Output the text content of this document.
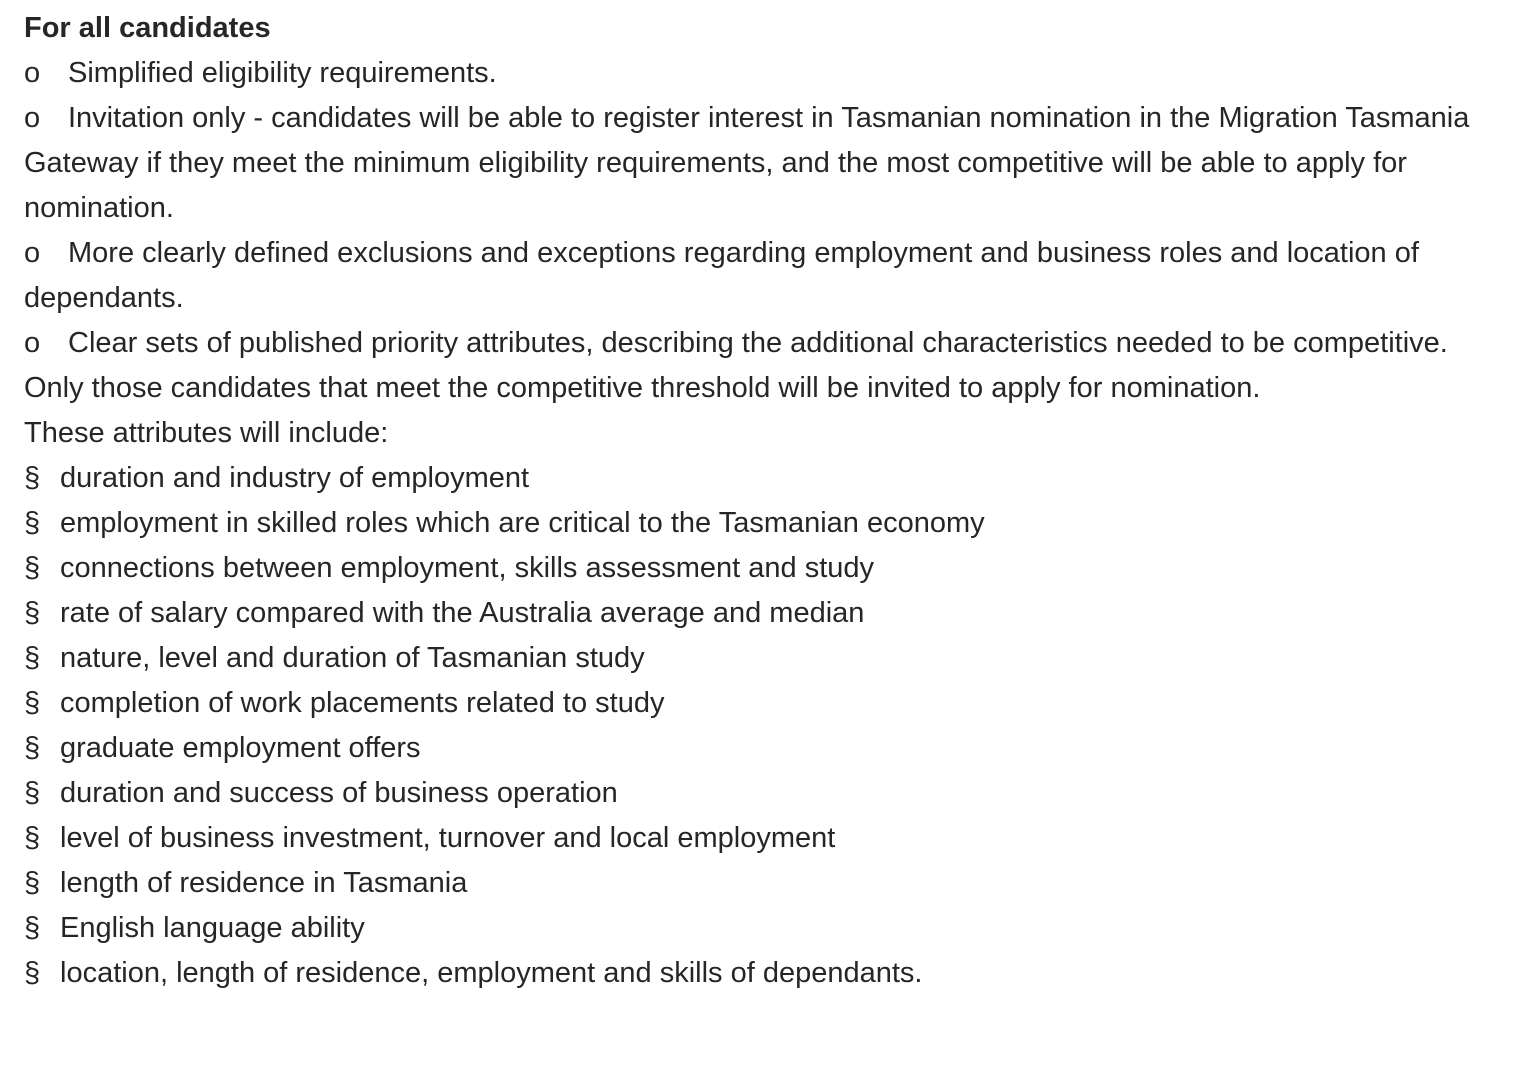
For all candidates

o Simplified eligibility requirements.

o Invitation only - candidates will be able to register interest in Tasmanian nomination in the Migration Tasmania Gateway if they meet the minimum eligibility requirements, and the most competitive will be able to apply for nomination.

o More clearly defined exclusions and exceptions regarding employment and business roles and location of dependants.

o Clear sets of published priority attributes, describing the additional characteristics needed to be competitive. Only those candidates that meet the competitive threshold will be invited to apply for nomination.

These attributes will include:

§ duration and industry of employment
§ employment in skilled roles which are critical to the Tasmanian economy
§ connections between employment, skills assessment and study
§ rate of salary compared with the Australia average and median
§ nature, level and duration of Tasmanian study
§ completion of work placements related to study
§ graduate employment offers
§ duration and success of business operation
§ level of business investment, turnover and local employment
§ length of residence in Tasmania
§ English language ability
§ location, length of residence, employment and skills of dependants.
